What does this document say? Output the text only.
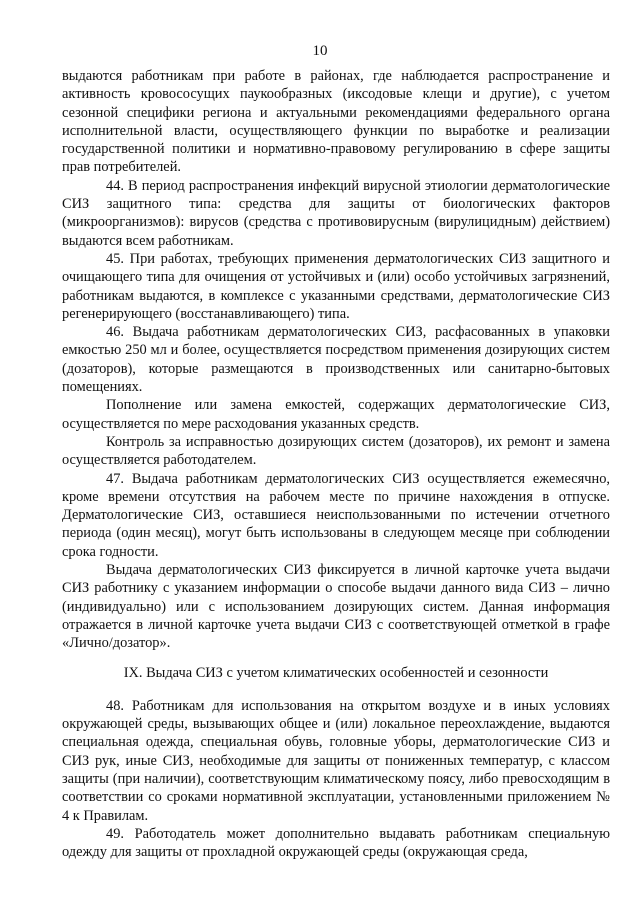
10

выдаются работникам при работе в районах, где наблюдается распространение и активность кровососущих паукообразных (иксодовые клещи и другие), с учетом сезонной специфики региона и актуальными рекомендациями федерального органа исполнительной власти, осуществляющего функции по выработке и реализации государственной политики и нормативно-правовому регулированию в сфере защиты прав потребителей.

44. В период распространения инфекций вирусной этиологии дерматологические СИЗ защитного типа: средства для защиты от биологических факторов (микроорганизмов): вирусов (средства с противовирусным (вирулицидным) действием) выдаются всем работникам.

45. При работах, требующих применения дерматологических СИЗ защитного и очищающего типа для очищения от устойчивых и (или) особо устойчивых загрязнений, работникам выдаются, в комплексе с указанными средствами, дерматологические СИЗ регенерирующего (восстанавливающего) типа.

46. Выдача работникам дерматологических СИЗ, расфасованных в упаковки емкостью 250 мл и более, осуществляется посредством применения дозирующих систем (дозаторов), которые размещаются в производственных или санитарно-бытовых помещениях.

Пополнение или замена емкостей, содержащих дерматологические СИЗ, осуществляется по мере расходования указанных средств.

Контроль за исправностью дозирующих систем (дозаторов), их ремонт и замена осуществляется работодателем.

47. Выдача работникам дерматологических СИЗ осуществляется ежемесячно, кроме времени отсутствия на рабочем месте по причине нахождения в отпуске. Дерматологические СИЗ, оставшиеся неиспользованными по истечении отчетного периода (один месяц), могут быть использованы в следующем месяце при соблюдении срока годности.

Выдача дерматологических СИЗ фиксируется в личной карточке учета выдачи СИЗ работнику с указанием информации о способе выдачи данного вида СИЗ – лично (индивидуально) или с использованием дозирующих систем. Данная информация отражается в личной карточке учета выдачи СИЗ с соответствующей отметкой в графе «Лично/дозатор».

IX. Выдача СИЗ с учетом климатических особенностей и сезонности

48. Работникам для использования на открытом воздухе и в иных условиях окружающей среды, вызывающих общее и (или) локальное переохлаждение, выдаются специальная одежда, специальная обувь, головные уборы, дерматологические СИЗ и СИЗ рук, иные СИЗ, необходимые для защиты от пониженных температур, с классом защиты (при наличии), соответствующим климатическому поясу, либо превосходящим в соответствии со сроками нормативной эксплуатации, установленными приложением № 4 к Правилам.

49. Работодатель может дополнительно выдавать работникам специальную одежду для защиты от прохладной окружающей среды (окружающая среда,
